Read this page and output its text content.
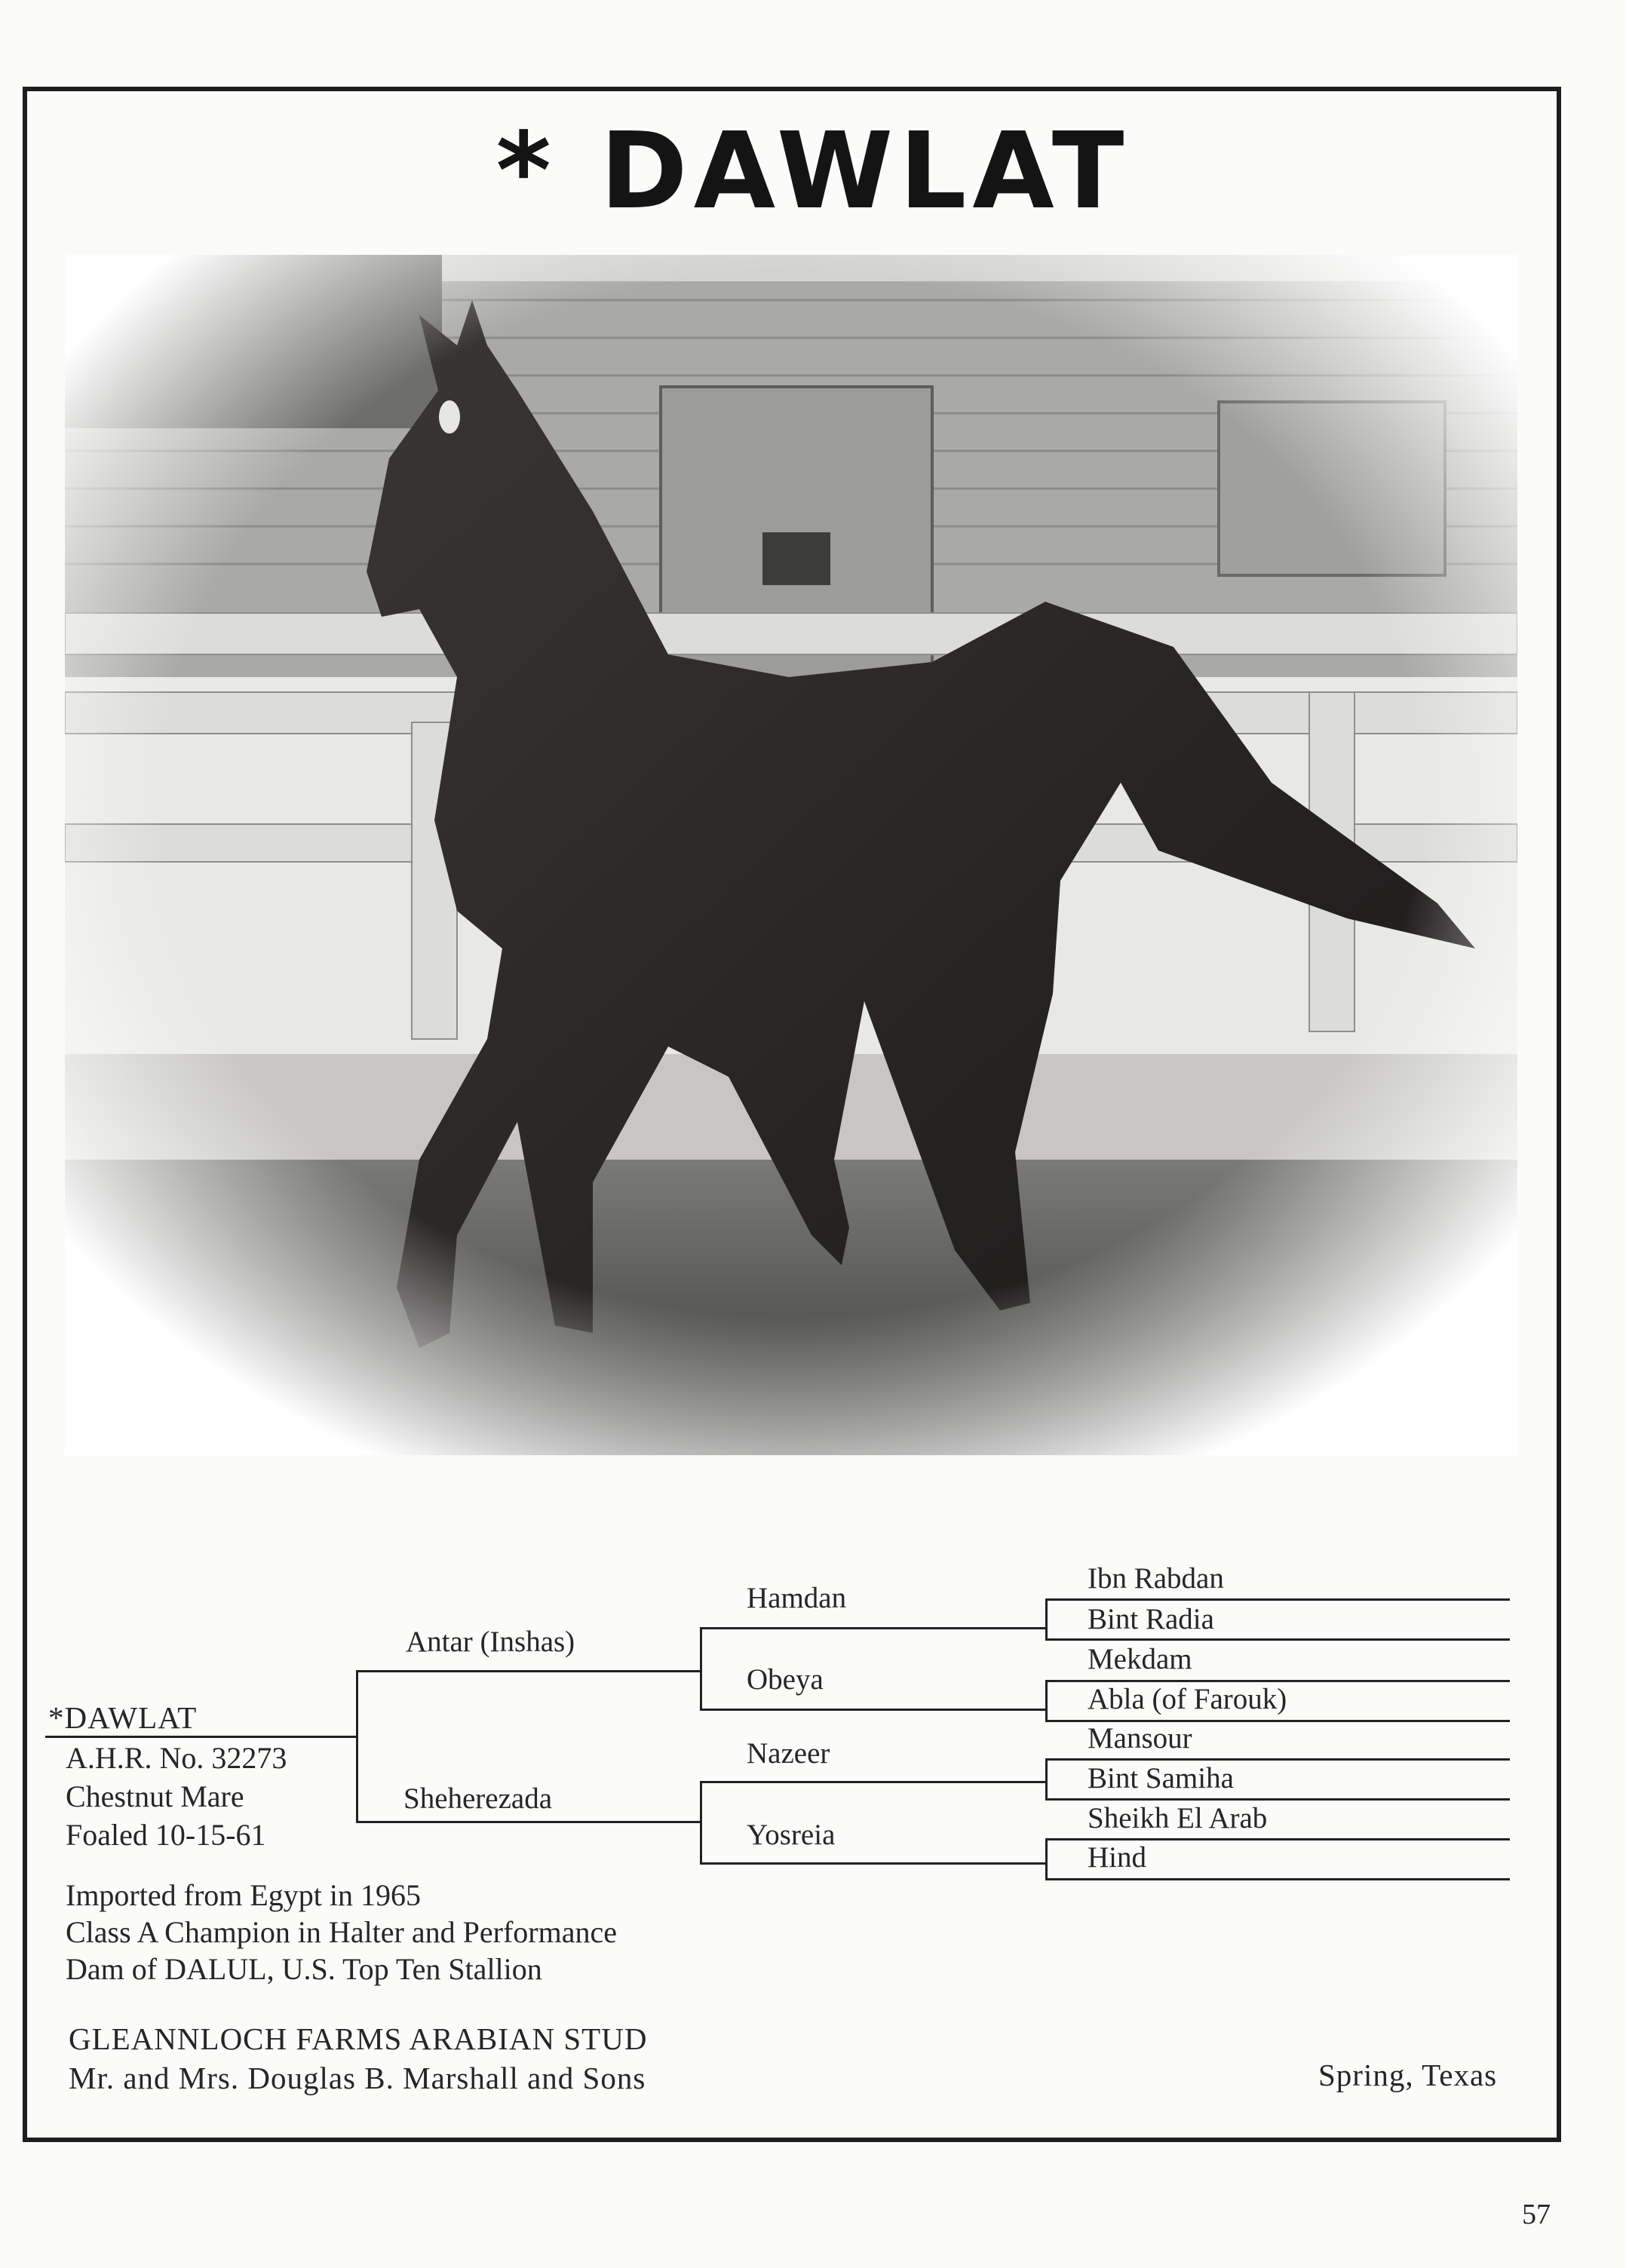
* DAWLAT
*DAWLAT
A.H.R. No. 32273
Chestnut Mare
Foaled 10-15-61
Antar (Inshas)
Sheherezada
Hamdan
Obeya
Nazeer
Yosreia
Ibn Rabdan
Bint Radia
Mekdam
Abla (of Farouk)
Mansour
Bint Samiha
Sheikh El Arab
Hind
Imported from Egypt in 1965
Class A Champion in Halter and Performance
Dam of DALUL, U.S. Top Ten Stallion
GLEANNLOCH FARMS ARABIAN STUD
Mr. and Mrs. Douglas B. Marshall and Sons	Spring, Texas
57
